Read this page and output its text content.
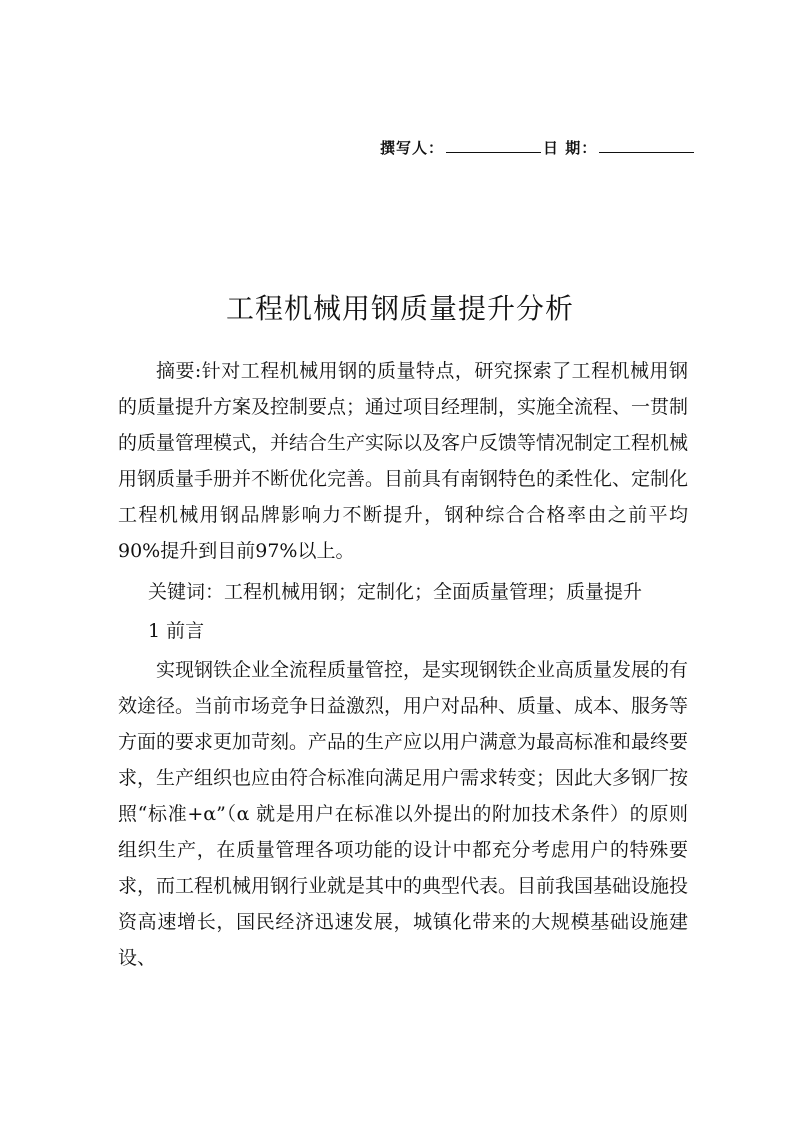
撰写人：	日 期：
工程机械用钢质量提升分析

摘要:针对工程机械用钢的质量特点，研究探索了工程机械用钢的质量提升方案及控制要点；通过项目经理制，实施全流程、一贯制的质量管理模式，并结合生产实际以及客户反馈等情况制定工程机械用钢质量手册并不断优化完善。目前具有南钢特色的柔性化、定制化工程机械用钢品牌影响力不断提升，钢种综合合格率由之前平均90%提升到目前97%以上。

关键词：工程机械用钢；定制化；全面质量管理；质量提升

1 前言

实现钢铁企业全流程质量管控，是实现钢铁企业高质量发展的有效途径。当前市场竞争日益激烈，用户对品种、质量、成本、服务等方面的要求更加苛刻。产品的生产应以用户满意为最高标准和最终要求，生产组织也应由符合标准向满足用户需求转变；因此大多钢厂按照“标准+α”（α 就是用户在标准以外提出的附加技术条件）的原则组织生产，在质量管理各项功能的设计中都充分考虑用户的特殊要求，而工程机械用钢行业就是其中的典型代表。目前我国基础设施投资高速增长，国民经济迅速发展，城镇化带来的大规模基础设施建设、
